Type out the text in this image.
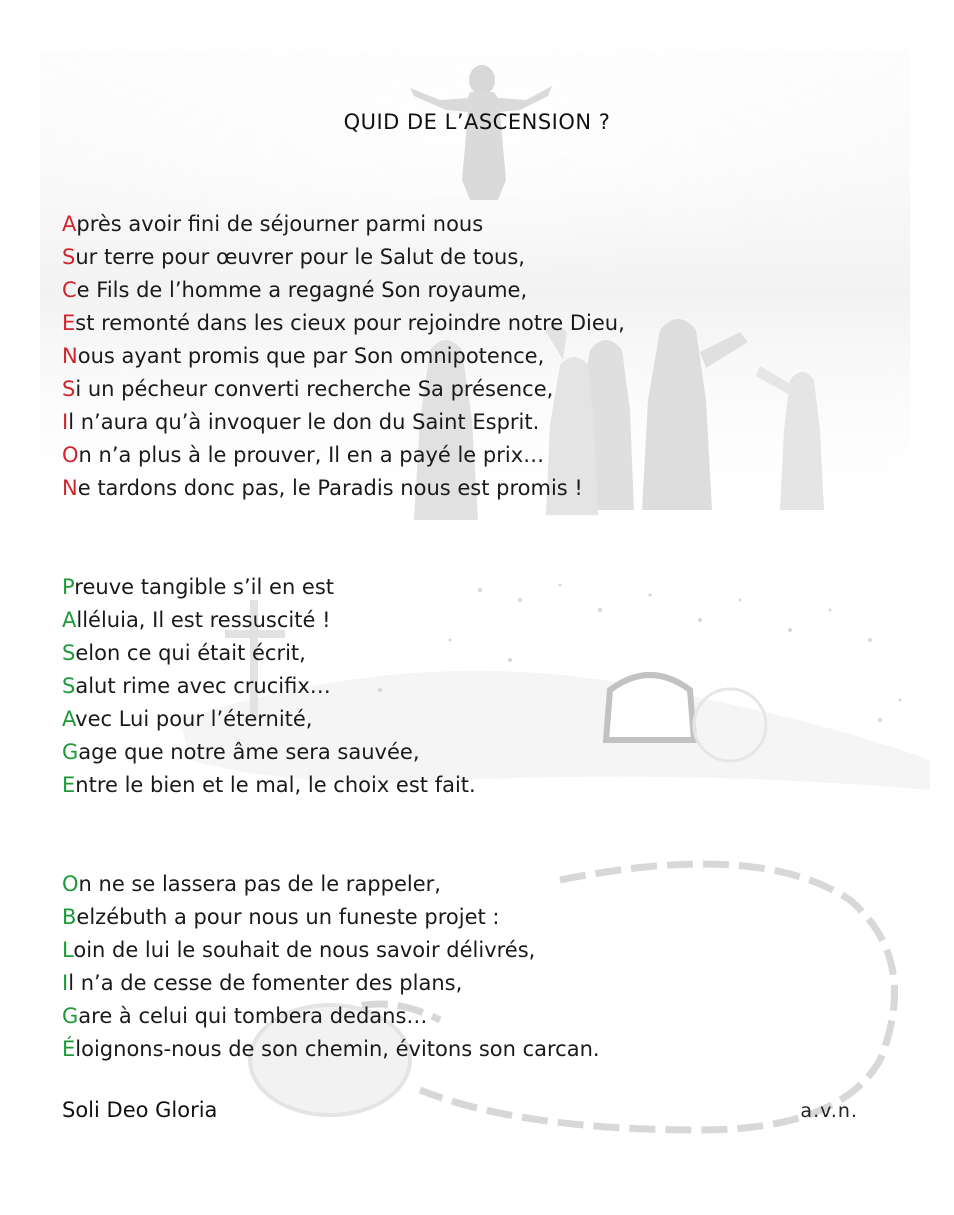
QUID DE L’ASCENSION ?
Après avoir fini de séjourner parmi nous
Sur terre pour œuvrer pour le Salut de tous,
Ce Fils de l’homme a regagné Son royaume,
Est remonté dans les cieux pour rejoindre notre Dieu,
Nous ayant promis que par Son omnipotence,
Si un pécheur converti recherche Sa présence,
Il n’aura qu’à invoquer le don du Saint Esprit.
On n’a plus à le prouver, Il en a payé le prix…
Ne tardons donc pas, le Paradis nous est promis !
Preuve tangible s’il en est
Alléluia, Il est ressuscité !
Selon ce qui était écrit,
Salut rime avec crucifix…
Avec Lui pour l’éternité,
Gage que notre âme sera sauvée,
Entre le bien et le mal, le choix est fait.
On ne se lassera pas de le rappeler,
Belzébuth a pour nous un funeste projet :
Loin de lui le souhait de nous savoir délivrés,
Il n’a de cesse de fomenter des plans,
Gare à celui qui tombera dedans…
Éloignons-nous de son chemin, évitons son carcan.
Soli Deo Gloria	a.v.n.
